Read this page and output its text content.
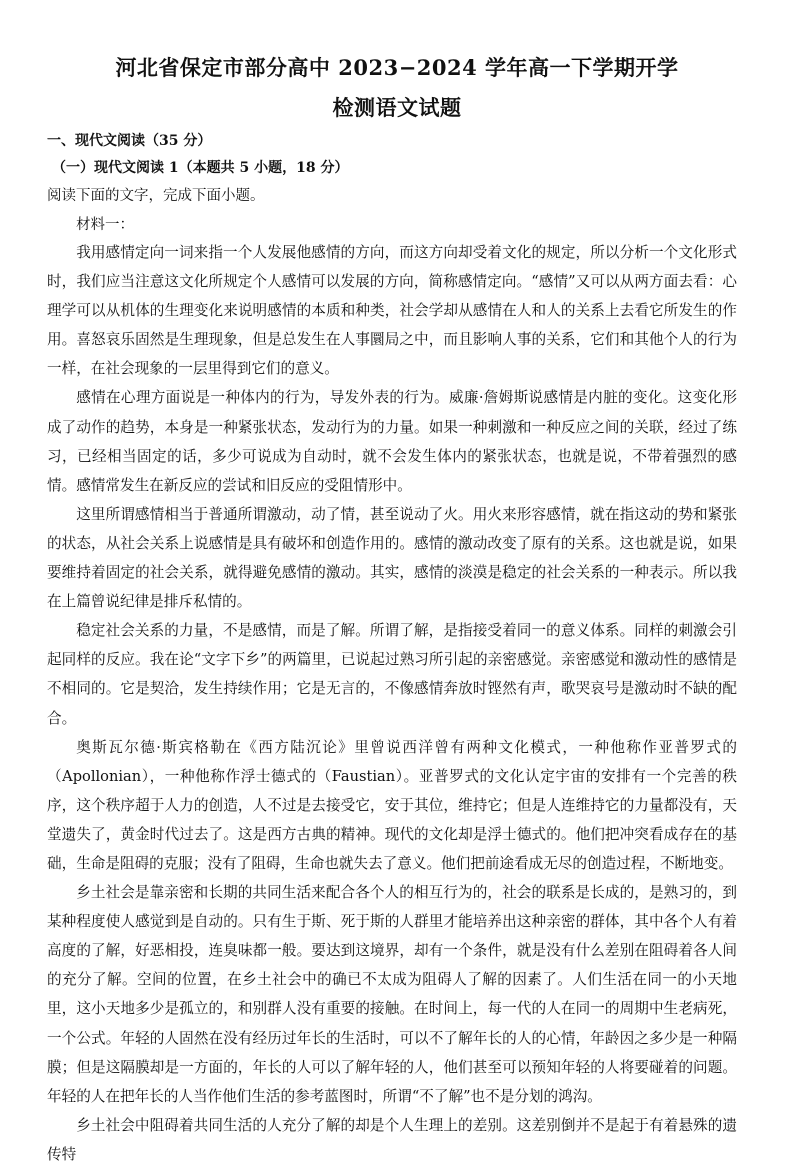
河北省保定市部分高中 2023−2024 学年高一下学期开学
检测语文试题
一、现代文阅读（35 分）
（一）现代文阅读 1（本题共 5 小题，18 分）
阅读下面的文字，完成下面小题。
材料一：

我用感情定向一词来指一个人发展他感情的方向，而这方向却受着文化的规定，所以分析一个文化形式时，我们应当注意这文化所规定个人感情可以发展的方向，简称感情定向。“感情”又可以从两方面去看：心理学可以从机体的生理变化来说明感情的本质和种类，社会学却从感情在人和人的关系上去看它所发生的作用。喜怒哀乐固然是生理现象，但是总发生在人事圜局之中，而且影响人事的关系，它们和其他个人的行为一样，在社会现象的一层里得到它们的意义。

感情在心理方面说是一种体内的行为，导发外表的行为。威廉·詹姆斯说感情是内脏的变化。这变化形成了动作的趋势，本身是一种紧张状态，发动行为的力量。如果一种刺激和一种反应之间的关联，经过了练习，已经相当固定的话，多少可说成为自动时，就不会发生体内的紧张状态，也就是说，不带着强烈的感情。感情常发生在新反应的尝试和旧反应的受阻情形中。

这里所谓感情相当于普通所谓激动，动了情，甚至说动了火。用火来形容感情，就在指这动的势和紧张的状态，从社会关系上说感情是具有破坏和创造作用的。感情的激动改变了原有的关系。这也就是说，如果要维持着固定的社会关系，就得避免感情的激动。其实，感情的淡漠是稳定的社会关系的一种表示。所以我在上篇曾说纪律是排斥私情的。

稳定社会关系的力量，不是感情，而是了解。所谓了解，是指接受着同一的意义体系。同样的刺激会引起同样的反应。我在论“文字下乡”的两篇里，已说起过熟习所引起的亲密感觉。亲密感觉和激动性的感情是不相同的。它是契洽，发生持续作用；它是无言的，不像感情奔放时铿然有声，歌哭哀号是激动时不缺的配合。

奥斯瓦尔德·斯宾格勒在《西方陆沉论》里曾说西洋曾有两种文化模式，一种他称作亚普罗式的（Apollonian），一种他称作浮士德式的（Faustian）。亚普罗式的文化认定宇宙的安排有一个完善的秩序，这个秩序超于人力的创造，人不过是去接受它，安于其位，维持它；但是人连维持它的力量都没有，天堂遗失了，黄金时代过去了。这是西方古典的精神。现代的文化却是浮士德式的。他们把冲突看成存在的基础，生命是阻碍的克服；没有了阻碍，生命也就失去了意义。他们把前途看成无尽的创造过程，不断地变。

乡土社会是靠亲密和长期的共同生活来配合各个人的相互行为的，社会的联系是长成的，是熟习的，到某种程度使人感觉到是自动的。只有生于斯、死于斯的人群里才能培养出这种亲密的群体，其中各个人有着高度的了解，好恶相投，连臭味都一般。要达到这境界，却有一个条件，就是没有什么差别在阻碍着各人间的充分了解。空间的位置，在乡土社会中的确已不太成为阻碍人了解的因素了。人们生活在同一的小天地里，这小天地多少是孤立的，和别群人没有重要的接触。在时间上，每一代的人在同一的周期中生老病死，一个公式。年轻的人固然在没有经历过年长的生活时，可以不了解年长的人的心情，年龄因之多少是一种隔膜；但是这隔膜却是一方面的，年长的人可以了解年轻的人，他们甚至可以预知年轻的人将要碰着的问题。年轻的人在把年长的人当作他们生活的参考蓝图时，所谓“不了解”也不是分划的鸿沟。

乡土社会中阻碍着共同生活的人充分了解的却是个人生理上的差别。这差别倒并不是起于有着悬殊的遗传特
